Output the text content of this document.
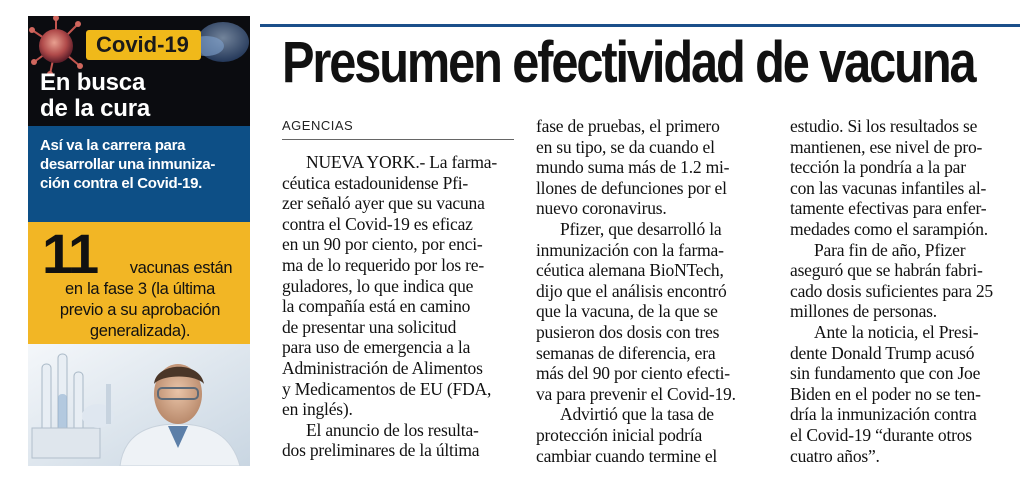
Covid-19
En busca
de la cura
Así va la carrera para
desarrollar una inmuniza-
ción contra el Covid-19.
11	vacunas están
en la fase 3 (la última
previo a su aprobación
generalizada).
Presumen efectividad de vacuna
AGENCIAS

NUEVA YORK.- La farma-

céutica estadounidense Pfi-

zer señaló ayer que su vacuna

contra el Covid-19 es eficaz

en un 90 por ciento, por enci-

ma de lo requerido por los re-

guladores, lo que indica que

la compañía está en camino

de presentar una solicitud

para uso de emergencia a la

Administración de Alimentos

y Medicamentos de EU (FDA,

en inglés).

El anuncio de los resulta-

dos preliminares de la última

fase de pruebas, el primero

en su tipo, se da cuando el

mundo suma más de 1.2 mi-

llones de defunciones por el

nuevo coronavirus.

Pfizer, que desarrolló la

inmunización con la farma-

céutica alemana BioNTech,

dijo que el análisis encontró

que la vacuna, de la que se

pusieron dos dosis con tres

semanas de diferencia, era

más del 90 por ciento efecti-

va para prevenir el Covid-19.

Advirtió que la tasa de

protección inicial podría

cambiar cuando termine el

estudio. Si los resultados se

mantienen, ese nivel de pro-

tección la pondría a la par

con las vacunas infantiles al-

tamente efectivas para enfer-

medades como el sarampión.

Para fin de año, Pfizer

aseguró que se habrán fabri-

cado dosis suficientes para 25

millones de personas.

Ante la noticia, el Presi-

dente Donald Trump acusó

sin fundamento que con Joe

Biden en el poder no se ten-

dría la inmunización contra

el Covid-19 “durante otros

cuatro años”.
